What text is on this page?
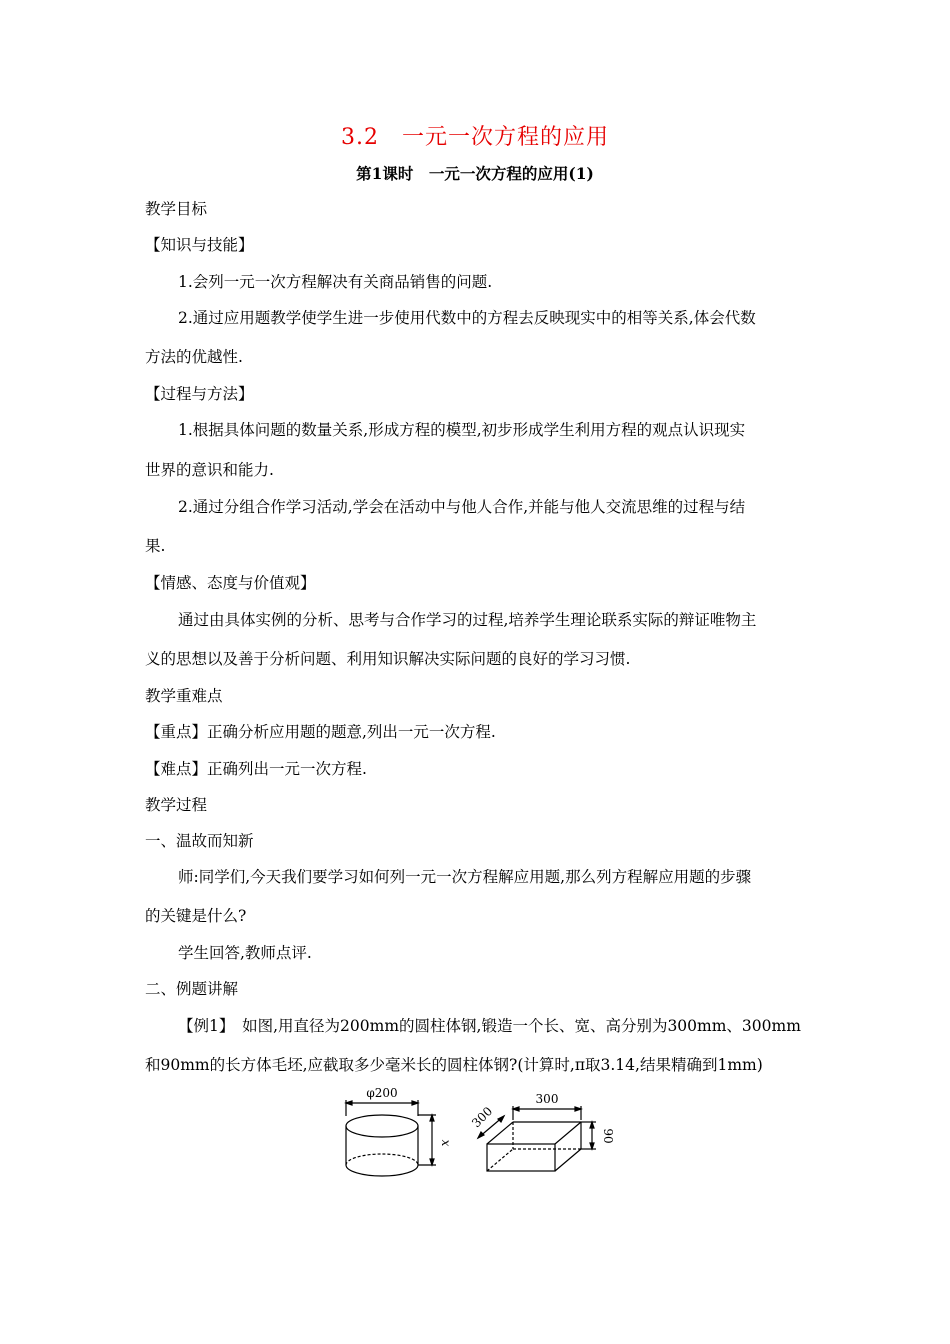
3.2　一元一次方程的应用
第1课时　一元一次方程的应用(1)
教学目标
【知识与技能】
1.会列一元一次方程解决有关商品销售的问题.
2.通过应用题教学使学生进一步使用代数中的方程去反映现实中的相等关系,体会代数
方法的优越性.
【过程与方法】
1.根据具体问题的数量关系,形成方程的模型,初步形成学生利用方程的观点认识现实
世界的意识和能力.
2.通过分组合作学习活动,学会在活动中与他人合作,并能与他人交流思维的过程与结
果.
【情感、态度与价值观】
通过由具体实例的分析、思考与合作学习的过程,培养学生理论联系实际的辩证唯物主
义的思想以及善于分析问题、利用知识解决实际问题的良好的学习习惯.
教学重难点
【重点】正确分析应用题的题意,列出一元一次方程.
【难点】正确列出一元一次方程.
教学过程
一、温故而知新
师:同学们,今天我们要学习如何列一元一次方程解应用题,那么列方程解应用题的步骤
的关键是什么?
学生回答,教师点评.
二、例题讲解
【例1】　如图,用直径为200mm的圆柱体钢,锻造一个长、宽、高分别为300mm、300mm
和90mm的长方体毛坯,应截取多少毫米长的圆柱体钢?(计算时,π取3.14,结果精确到1mm)
φ200
x
300
300
90
